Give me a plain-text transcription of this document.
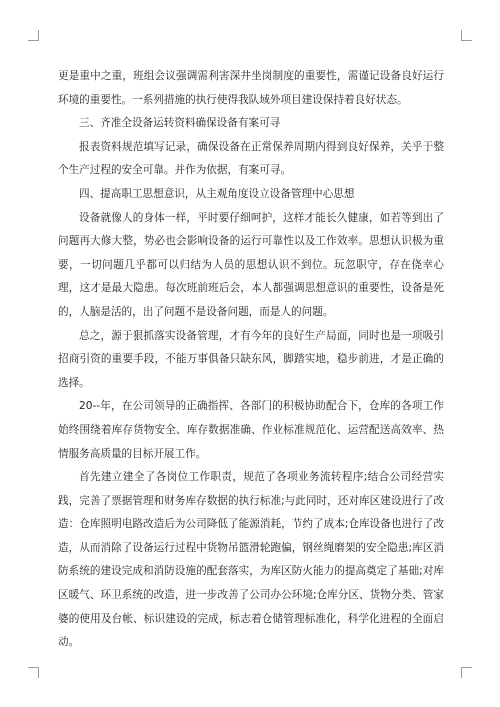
更是重中之重，班组会议强调需利害深井坐岗制度的重要性，需谨记设备良好运行环境的重要性。一系列措施的执行使得我队域外项目建设保持着良好状态。

三、齐准全设备运转资料确保设备有案可寻

报表资料规范填写记录，确保设备在正常保养周期内得到良好保养，关乎于整个生产过程的安全可靠。并作为依据，有案可寻。

四、提高职工思想意识，从主观角度设立设备管理中心思想

设备就像人的身体一样，平时要仔细呵护，这样才能长久健康，如若等到出了问题再大修大整，势必也会影响设备的运行可靠性以及工作效率。思想认识极为重要，一切问题几乎都可以归结为人员的思想认识不到位。玩忽职守，存在侥幸心理，这才是最大隐患。每次班前班后会，本人都强调思想意识的重要性，设备是死的，人脑是活的，出了问题不是设备问题，而是人的问题。

总之，源于狠抓落实设备管理，才有今年的良好生产局面，同时也是一项吸引招商引资的重要手段，不能万事俱备只缺东风，脚踏实地，稳步前进，才是正确的选择。

20--年，在公司领导的正确指挥、各部门的积极协助配合下，仓库的各项工作始终围绕着库存货物安全、库存数据准确、作业标准规范化、运营配送高效率、热情服务高质量的目标开展工作。

首先建立建全了各岗位工作职责，规范了各项业务流转程序;结合公司经营实践，完善了票据管理和财务库存数据的执行标准;与此同时，还对库区建设进行了改造：仓库照明电路改造后为公司降低了能源消耗，节约了成本;仓库设备也进行了改造，从而消除了设备运行过程中货物吊篮滑轮跑偏，钢丝绳磨架的安全隐患;库区消防系统的建设完成和消防设施的配套落实，为库区防火能力的提高奠定了基础;对库区暖气、环卫系统的改造，进一步改善了公司办公环境;仓库分区、货物分类、管家婆的使用及台帐、标识建设的完成，标志着仓储管理标准化，科学化进程的全面启动。
